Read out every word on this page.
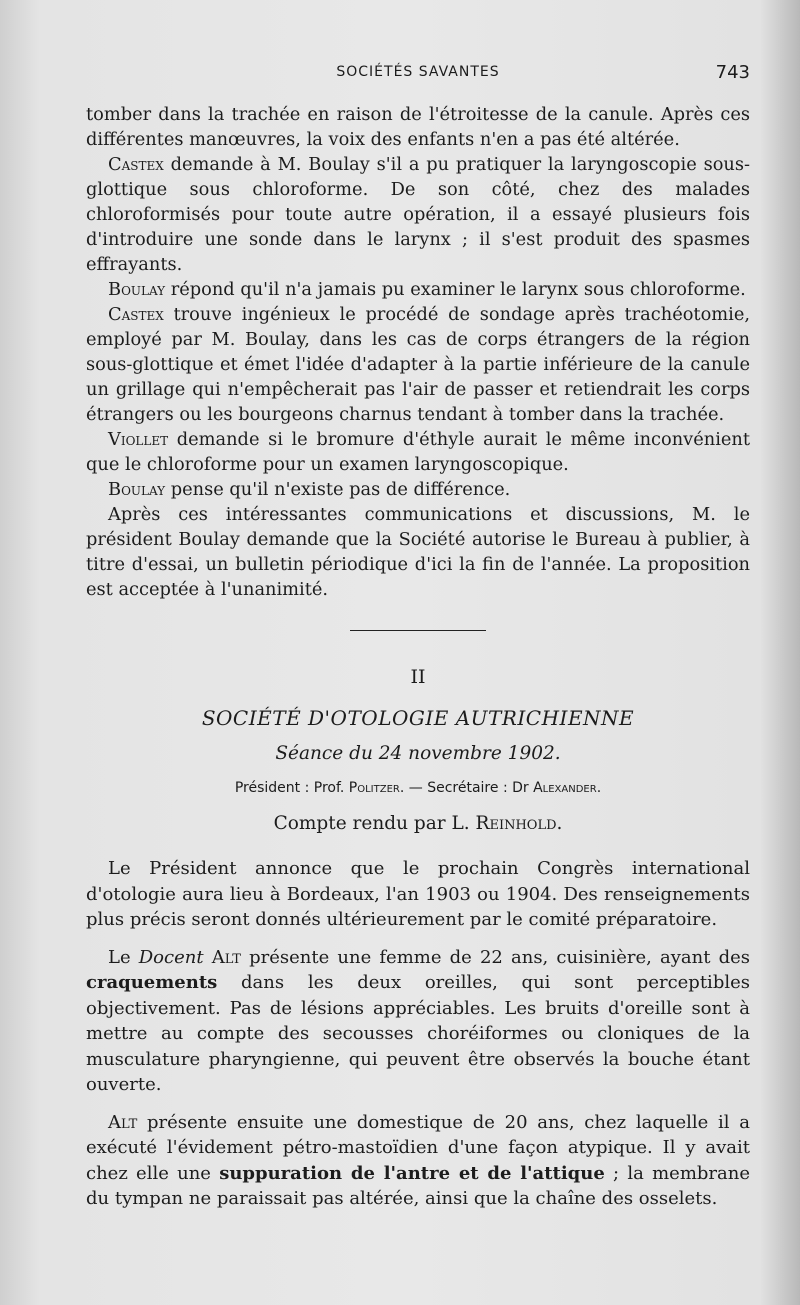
SOCIÉTÉS SAVANTES	743

tomber dans la trachée en raison de l'étroitesse de la canule. Après ces différentes manœuvres, la voix des enfants n'en a pas été altérée.

Castex demande à M. Boulay s'il a pu pratiquer la laryngoscopie sous-glottique sous chloroforme. De son côté, chez des malades chloroformisés pour toute autre opération, il a essayé plusieurs fois d'introduire une sonde dans le larynx ; il s'est produit des spasmes effrayants.

Boulay répond qu'il n'a jamais pu examiner le larynx sous chloroforme.

Castex trouve ingénieux le procédé de sondage après trachéotomie, employé par M. Boulay, dans les cas de corps étrangers de la région sous-glottique et émet l'idée d'adapter à la partie inférieure de la canule un grillage qui n'empêcherait pas l'air de passer et retiendrait les corps étrangers ou les bourgeons charnus tendant à tomber dans la trachée.

Viollet demande si le bromure d'éthyle aurait le même inconvénient que le chloroforme pour un examen laryngoscopique.

Boulay pense qu'il n'existe pas de différence.

Après ces intéressantes communications et discussions, M. le président Boulay demande que la Société autorise le Bureau à publier, à titre d'essai, un bulletin périodique d'ici la fin de l'année. La proposition est acceptée à l'unanimité.

II
SOCIÉTÉ D'OTOLOGIE AUTRICHIENNE
Séance du 24 novembre 1902.
Président : Prof. Politzer. — Secrétaire : Dr Alexander.
Compte rendu par L. Reinhold.

Le Président annonce que le prochain Congrès international d'otologie aura lieu à Bordeaux, l'an 1903 ou 1904. Des renseignements plus précis seront donnés ultérieurement par le comité préparatoire.

Le Docent Alt présente une femme de 22 ans, cuisinière, ayant des craquements dans les deux oreilles, qui sont perceptibles objectivement. Pas de lésions appréciables. Les bruits d'oreille sont à mettre au compte des secousses choréiformes ou cloniques de la musculature pharyngienne, qui peuvent être observés la bouche étant ouverte.

Alt présente ensuite une domestique de 20 ans, chez laquelle il a exécuté l'évidement pétro-mastoïdien d'une façon atypique. Il y avait chez elle une suppuration de l'antre et de l'attique ; la membrane du tympan ne paraissait pas altérée, ainsi que la chaîne des osselets.
